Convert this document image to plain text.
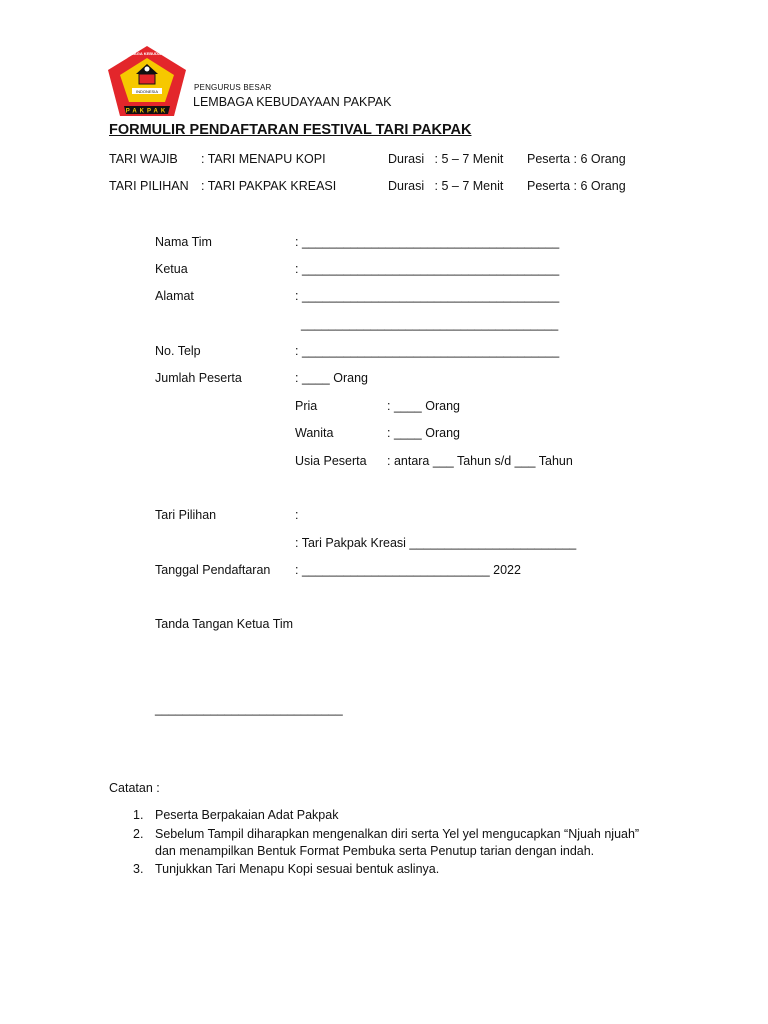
INDONESIA
PAKPAK
LEMBAGA KEBUDAYAAN
PENGURUS BESAR
LEMBAGA KEBUDAYAAN PAKPAK
FORMULIR PENDAFTARAN FESTIVAL TARI PAKPAK
TARI WAJIB : TARI MENAPU KOPI	Durasi   : 5 – 7 Menit Peserta : 6 Orang
TARI PILIHAN : TARI PAKPAK KREASI	Durasi   : 5 – 7 Menit Peserta : 6 Orang
Nama Tim	: _____________________________________
Ketua	: _____________________________________
Alamat	: _____________________________________
_____________________________________
No. Telp	: _____________________________________
Jumlah Peserta	: ____ Orang
Pria	: ____ Orang
Wanita	: ____ Orang
Usia Peserta : antara ___ Tahun s/d ___ Tahun
Tari Pilihan	:
: Tari Pakpak Kreasi ________________________
Tanggal Pendaftaran : ___________________________ 2022
Tanda Tangan Ketua Tim
___________________________
Catatan :
1. Peserta Berpakaian Adat Pakpak
2. Sebelum Tampil diharapkan mengenalkan diri serta Yel yel mengucapkan “Njuah njuah”
dan menampilkan Bentuk Format Pembuka serta Penutup tarian dengan indah.
3. Tunjukkan Tari Menapu Kopi sesuai bentuk aslinya.
